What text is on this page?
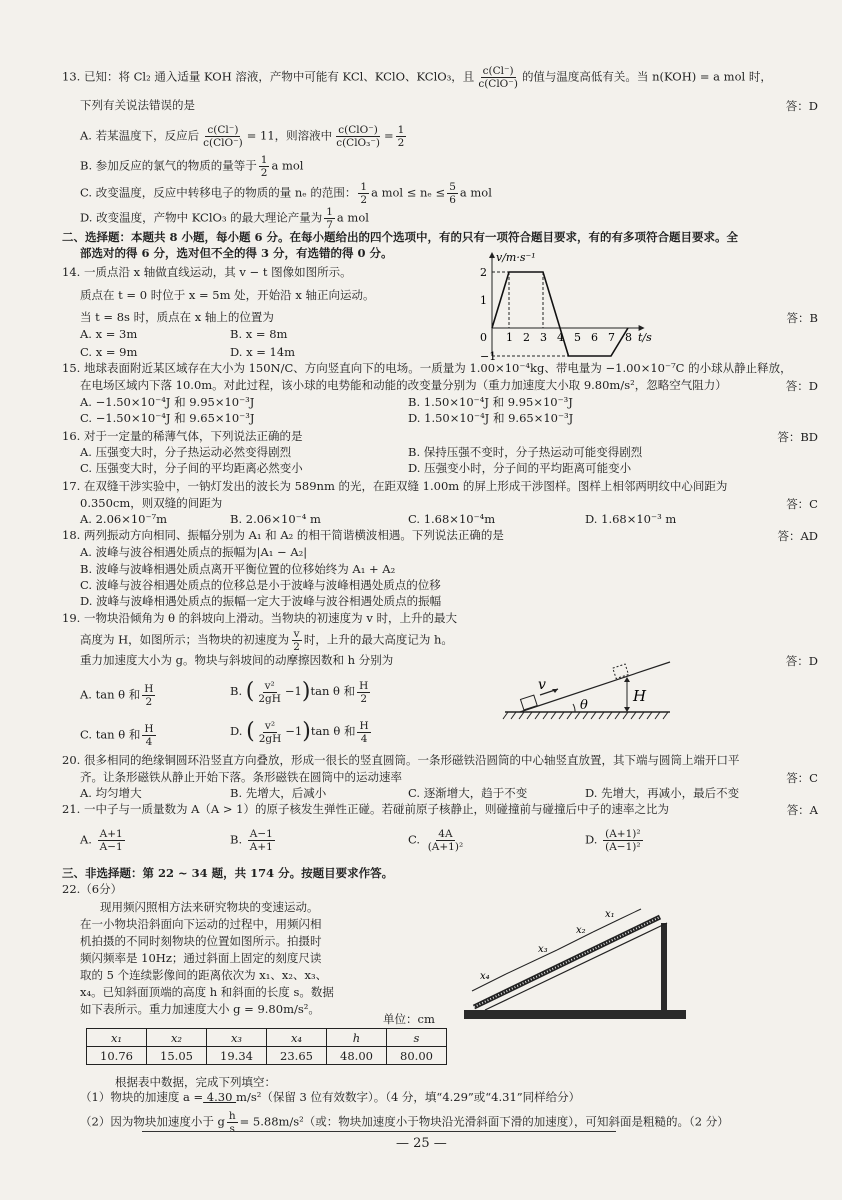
13. 已知：将 Cl₂ 通入适量 KOH 溶液，产物中可能有 KCl、KClO、KClO₃，且 c(Cl⁻)
c(ClO⁻)
的值与温度高低有关。当 n(KOH) = a mol 时，
下列有关说法错误的是	答：D
A. 若某温度下，反应后 c(Cl⁻)
c(ClO⁻)
= 11，则溶液中 c(ClO⁻)
c(ClO₃⁻)
= $\frac{1}{2}$
B. 参加反应的氯气的物质的量等于 $\frac{1}{2}$ a mol
C. 改变温度，反应中转移电子的物质的量 nₑ 的范围： $\frac{1}{2}$ a mol ≤ $n_e \le \frac{5}{6}$ a mol
D. 改变温度，产物中 KClO₃ 的最大理论产量为 $\frac{1}{7}$ a mol
二、选择题：本题共 8 小题，每小题 6 分。在每小题给出的四个选项中，有的只有一项符合题目要求，有的有多项符合题目要求。全
部选对的得 6 分，选对但不全的得 3 分，有选错的得 0 分。
14. 一质点沿 x 轴做直线运动，其 v − t 图像如图所示。
质点在 t = 0 时位于 x = 5m 处，开始沿 x 轴正向运动。
当 t = 8s 时，质点在 x 轴上的位置为	答：B
A. x = 3m	B. x = 8m
C. x = 9m	D. x = 14m
v/m·s⁻¹
t/s
2
1
0
−1
1 2 3 4 5 6 7 8
15. 地球表面附近某区域存在大小为 150N/C、方向竖直向下的电场。一质量为 1.00×10⁻⁴kg、带电量为 −1.00×10⁻⁷C 的小球从静止释放，
在电场区域内下落 10.0m。对此过程，该小球的电势能和动能的改变量分别为（重力加速度大小取 9.80m/s²，忽略空气阻力）	答：D
A. −1.50×10⁻⁴J 和 9.95×10⁻³J	B. 1.50×10⁻⁴J 和 9.95×10⁻³J
C. −1.50×10⁻⁴J 和 9.65×10⁻³J	D. 1.50×10⁻⁴J 和 9.65×10⁻³J
16. 对于一定量的稀薄气体，下列说法正确的是	答：BD
A. 压强变大时，分子热运动必然变得剧烈	B. 保持压强不变时，分子热运动可能变得剧烈
C. 压强变大时，分子间的平均距离必然变小	D. 压强变小时，分子间的平均距离可能变小
17. 在双缝干涉实验中，一钠灯发出的波长为 589nm 的光，在距双缝 1.00m 的屏上形成干涉图样。图样上相邻两明纹中心间距为
0.350cm，则双缝的间距为	答：C
A. 2.06×10⁻⁷m	B. 2.06×10⁻⁴ m	C. 1.68×10⁻⁴m	D. 1.68×10⁻³ m
18. 两列振动方向相同、振幅分别为 A₁ 和 A₂ 的相干简谐横波相遇。下列说法正确的是	答：AD
A. 波峰与波谷相遇处质点的振幅为|A₁ − A₂|
B. 波峰与波峰相遇处质点离开平衡位置的位移始终为 A₁ + A₂
C. 波峰与波谷相遇处质点的位移总是小于波峰与波峰相遇处质点的位移
D. 波峰与波峰相遇处质点的振幅一定大于波峰与波谷相遇处质点的振幅
19. 一物块沿倾角为 θ 的斜坡向上滑动。当物块的初速度为 v 时，上升的最大
高度为 H，如图所示；当物块的初速度为 $\frac{v}{2}$ 时，上升的最大高度记为 h。
重力加速度大小为 g。物块与斜坡间的动摩擦因数和 h 分别为	答：D
A. tan θ 和 $\frac{H}{2}$	B. ( $\frac{\text{v²}}{2gH} -1)\tan$ θ 和 $\frac{H}{2}$
C. tan θ 和 $\frac{H}{4}$	D. ( $\frac{\text{v²}}{2gH} -1)\tan$ θ 和 $\frac{H}{4}$
v
θ
H
20. 很多相同的绝缘铜圆环沿竖直方向叠放，形成一很长的竖直圆筒。一条形磁铁沿圆筒的中心轴竖直放置，其下端与圆筒上端开口平
齐。让条形磁铁从静止开始下落。条形磁铁在圆筒中的运动速率	答：C
A. 均匀增大	B. 先增大，后减小	C. 逐渐增大，趋于不变	D. 先增大，再减小，最后不变
21. 一中子与一质量数为 A（A > 1）的原子核发生弹性正碰。若碰前原子核静止，则碰撞前与碰撞后中子的速率之比为	答：A
A. $\frac{A+1}{A-1}$	B. $\frac{A-1}{A+1}$	C. $\frac{4A}{\text{(A+1)²}}$	D. $\frac{\text{(A+1)²}}{\text{(A−1)²}}$
三、非选择题：第 22 ~ 34 题，共 174 分。按题目要求作答。
22.（6分）
现用频闪照相方法来研究物块的变速运动。
在一小物块沿斜面向下运动的过程中，用频闪相
机拍摄的不同时刻物块的位置如图所示。拍摄时
频闪频率是 10Hz；通过斜面上固定的刻度尺读
取的 5 个连续影像间的距离依次为 x₁、x₂、x₃、
x₄。已知斜面顶端的高度 h 和斜面的长度 s。数据
如下表所示。重力加速度大小 g = 9.80m/s²。
单位：cm
x₁	x₂	x₃	x₄	h	s
10.76	15.05	19.34	23.65	48.00	80.00
x₄
x₃
x₂
x₁
根据表中数据，完成下列填空：
（1）物块的加速度 a = 4.30 m/s²（保留 3 位有效数字）。（4 分，填“4.29”或“4.31”同样给分）
（2）因为物块加速度小于 g $\frac{h}{s} = 5.88m/s^2$（或：物块加速度小于物块沿光滑斜面下滑的加速度），可知斜面是粗糙的。（2 分）
— 25 —
